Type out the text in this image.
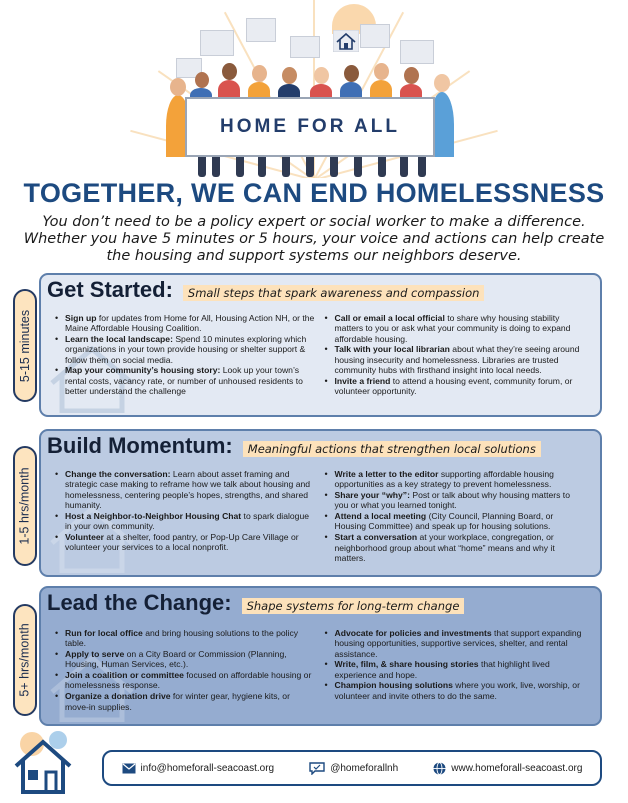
HOME FOR ALL
TOGETHER, WE CAN END HOMELESSNESS
You don’t need to be a policy expert or social worker to make a difference. Whether you have 5 minutes or 5 hours, your voice and actions can help create the housing and support systems our neighbors deserve.
5-15 minutes
Get Started:	Small steps that spark awareness and compassion
• Sign up for updates from Home for All, Housing Action NH, or the Maine Affordable Housing Coalition.
• Learn the local landscape: Spend 10 minutes exploring which organizations in your town provide housing or shelter support & follow them on social media.
• Map your community’s housing story: Look up your town’s rental costs, vacancy rate, or number of unhoused residents to better understand the challenge
• Call or email a local official to share why housing stability matters to you or ask what your community is doing to expand affordable housing.
• Talk with your local librarian about what they’re seeing around housing insecurity and homelessness. Libraries are trusted community hubs with firsthand insight into local needs.
• Invite a friend to attend a housing event, community forum, or volunteer opportunity.
1-5 hrs/month
Build Momentum:	Meaningful actions that strengthen local solutions
• Change the conversation: Learn about asset framing and strategic case making to reframe how we talk about housing and homelessness, centering people’s hopes, strengths, and shared humanity.
• Host a Neighbor-to-Neighbor Housing Chat to spark dialogue in your own community.
• Volunteer at a shelter, food pantry, or Pop-Up Care Village or volunteer your services to a local nonprofit.
• Write a letter to the editor supporting affordable housing opportunities as a key strategy to prevent homelessness.
• Share your “why”: Post or talk about why housing matters to you or what you learned tonight.
• Attend a local meeting (City Council, Planning Board, or Housing Committee) and speak up for housing solutions.
• Start a conversation at your workplace, congregation, or neighborhood group about what “home” means and why it matters.
5+ hrs/month
Lead the Change:	Shape systems for long-term change
• Run for local office and bring housing solutions to the policy table.
• Apply to serve on a City Board or Commission (Planning, Housing, Human Services, etc.).
• Join a coalition or committee focused on affordable housing or homelessness response.
• Organize a donation drive for winter gear, hygiene kits, or move-in supplies.
• Advocate for policies and investments that support expanding housing opportunities, supportive services, shelter, and rental assistance.
• Write, film, & share housing stories that highlight lived experience and hope.
• Champion housing solutions where you work, live, worship, or volunteer and invite others to do the same.
info@homeforall-seacoast.org	@homeforallnh	www.homeforall-seacoast.org
